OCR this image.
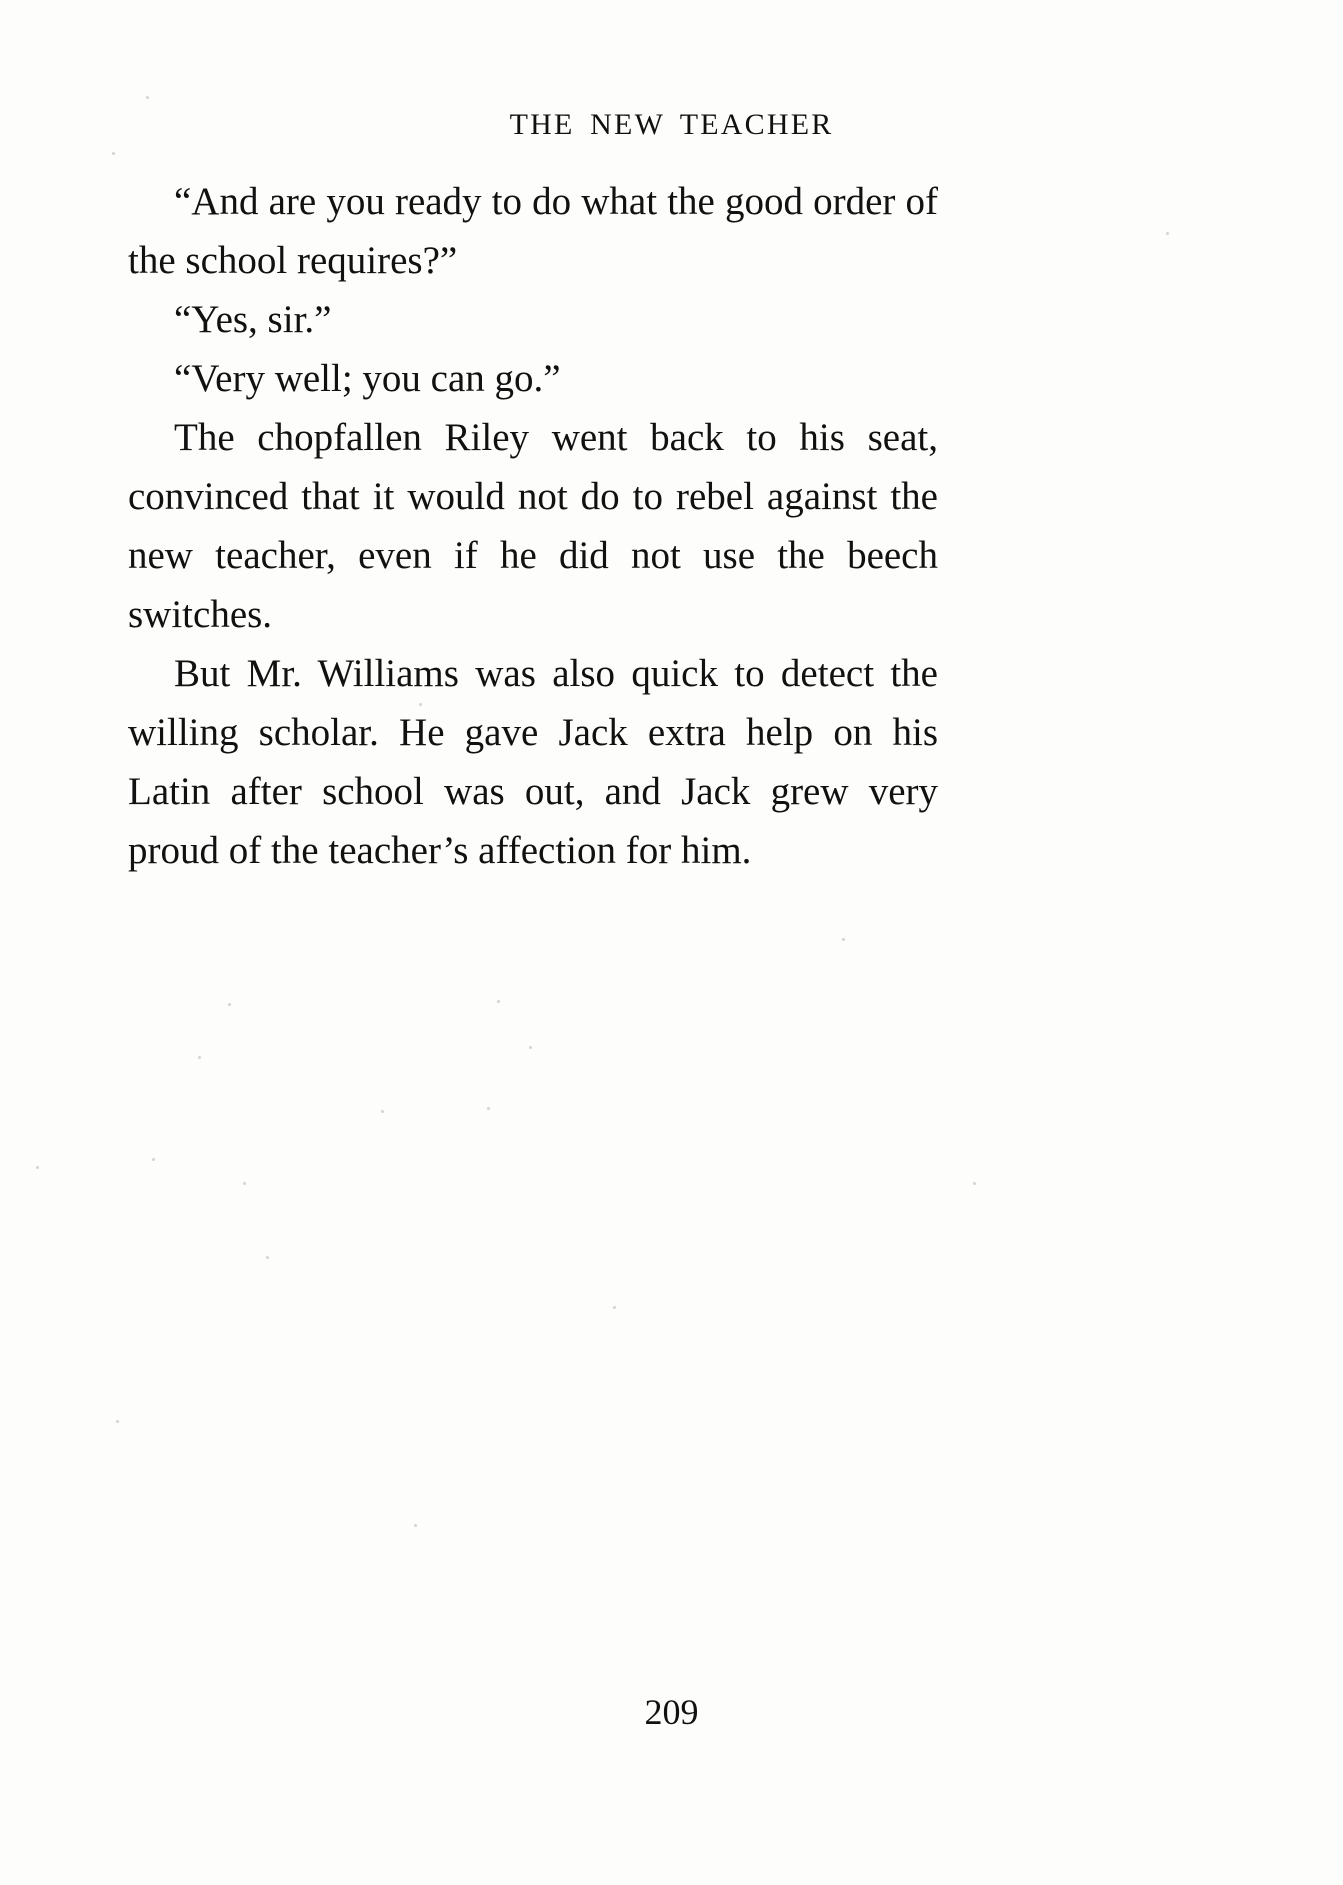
THE NEW TEACHER

“And are you ready to do what the good order of the school requires?”

“Yes, sir.”

“Very well; you can go.”

The chopfallen Riley went back to his seat, convinced that it would not do to rebel against the new teacher, even if he did not use the beech switches.

But Mr. Williams was also quick to detect the willing scholar. He gave Jack extra help on his Latin after school was out, and Jack grew very proud of the teacher’s affection for him.

209
